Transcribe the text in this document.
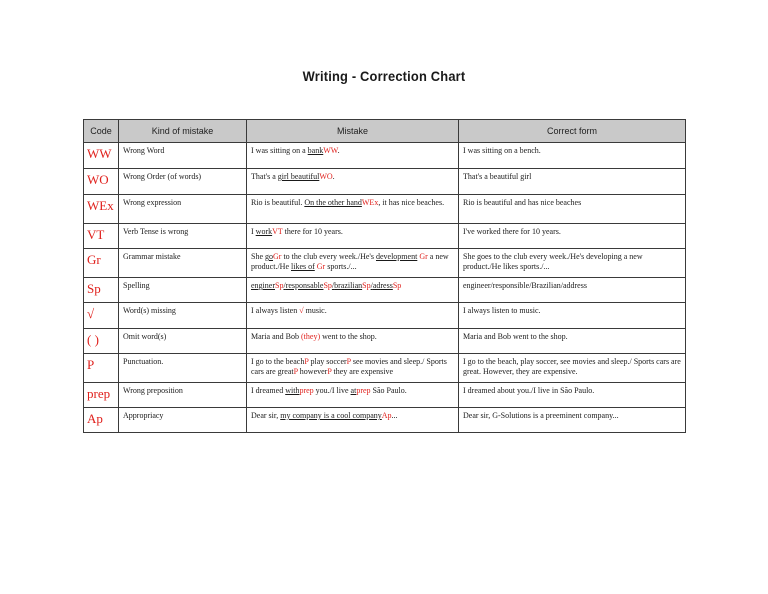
Writing - Correction Chart
Code	Kind of mistake	Mistake	Correct form
WW	Wrong Word	I was sitting on a bankWW.	I was sitting on a bench.
WO	Wrong Order (of words)	That's a girl beautifulWO.	That's a beautiful girl
WEx	Wrong expression	Rio is beautiful. On the other handWEx, it has nice beaches.	Rio is beautiful and has nice beaches
VT	Verb Tense is wrong	I workVT there for 10 years.	I've worked there for 10 years.
Gr	Grammar mistake	She goGr to the club every week./He's development Gr a new product./He likes of Gr sports./...	She goes to the club every week./He's developing a new product./He likes sports./...
Sp	Spelling	enginerSp/responsableSp/brazilianSp/adressSp	engineer/responsible/Brazilian/address
√	Word(s) missing	I always listen √ music.	I always listen to music.
( )	Omit word(s)	Maria and Bob (they) went to the shop.	Maria and Bob went to the shop.
P	Punctuation.	I go to the beachP play soccerP see movies and sleep./ Sports cars are greatP howeverP they are expensive	I go to the beach, play soccer, see movies and sleep./ Sports cars are great. However, they are expensive.
prep	Wrong preposition	I dreamed withprep you./I live atprep São Paulo.	I dreamed about you./I live in São Paulo.
Ap	Appropriacy	Dear sir, my company is a cool companyAp...	Dear sir, G-Solutions is a preeminent company...
